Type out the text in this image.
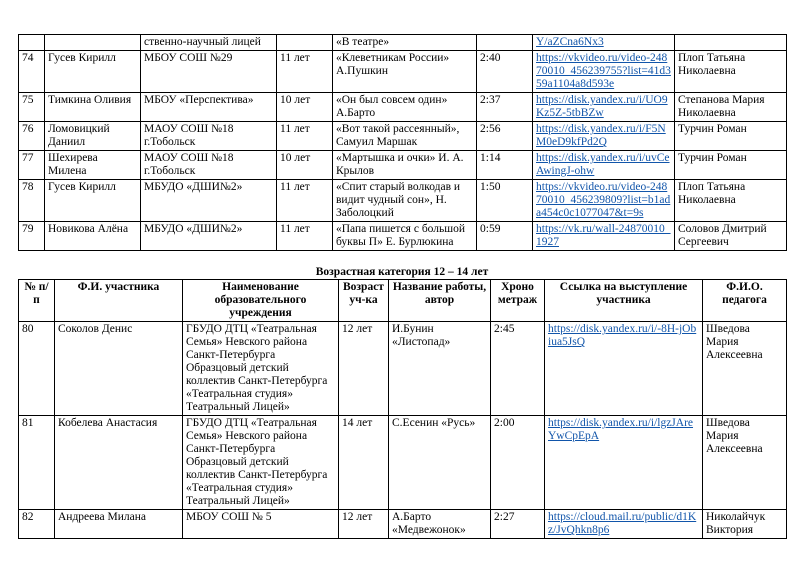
		ственно-научный лицей		«В театре»		Y/aZCna6Nx3	
74	Гусев Кирилл	МБОУ СОШ №29	11 лет	«Клеветникам России» А.Пушкин	2:40	https://vkvideo.ru/video-24870010_456239755?list=41d359a1104a8d593e	Плоп Татьяна Николаевна
75	Тимкина Оливия	МБОУ «Перспектива»	10 лет	«Он был совсем один» А.Барто	2:37	https://disk.yandex.ru/i/UO9Kz5Z-5tbBZw	Степанова Мария Николаевна
76	Ломовицкий Даниил	МАОУ СОШ №18 г.Тобольск	11 лет	«Вот такой рассеянный», Самуил Маршак	2:56	https://disk.yandex.ru/i/F5NM0eD9kfPd2Q	Турчин Роман
77	Шехирева Милена	МАОУ СОШ №18 г.Тобольск	10 лет	«Мартышка и очки» И. А. Крылов	1:14	https://disk.yandex.ru/i/uvCeAwingJ-ohw	Турчин Роман
78	Гусев Кирилл	МБУДО «ДШИ№2»	11 лет	«Спит старый волкодав и видит чудный сон», Н. Заболоцкий	1:50	https://vkvideo.ru/video-24870010_456239809?list=b1ada454c0c1077047&t=9s	Плоп Татьяна Николаевна
79	Новикова Алёна	МБУДО «ДШИ№2»	11 лет	«Папа пишется с большой буквы П» Е. Бурлюкина	0:59	https://vk.ru/wall-24870010_1927	Соловов Дмитрий Сергеевич
Возрастная категория 12 – 14 лет
№ п/п	Ф.И. участника	Наименование образовательного учреждения	Возраст уч-ка	Название работы, автор	Хроно метраж	Ссылка на выступление участника	Ф.И.О. педагога
80	Соколов Денис	ГБУДО ДТЦ «Театральная Семья» Невского района Санкт-Петербурга Образцовый детский коллектив Санкт-Петербурга «Театральная студия» Театральный Лицей»	12 лет	И.Бунин «Листопад»	2:45	https://disk.yandex.ru/i/-8H-jObiua5JsQ	Шведова Мария Алексеевна
81	Кобелева Анастасия	ГБУДО ДТЦ «Театральная Семья» Невского района Санкт-Петербурга Образцовый детский коллектив Санкт-Петербурга «Театральная студия» Театральный Лицей»	14 лет	С.Есенин «Русь»	2:00	https://disk.yandex.ru/i/lgzJAreYwCpEpA	Шведова Мария Алексеевна
82	Андреева Милана	МБОУ СОШ № 5	12 лет	А.Барто «Медвежонок»	2:27	https://cloud.mail.ru/public/d1Kz/JvQhkn8p6	Николайчук Виктория
